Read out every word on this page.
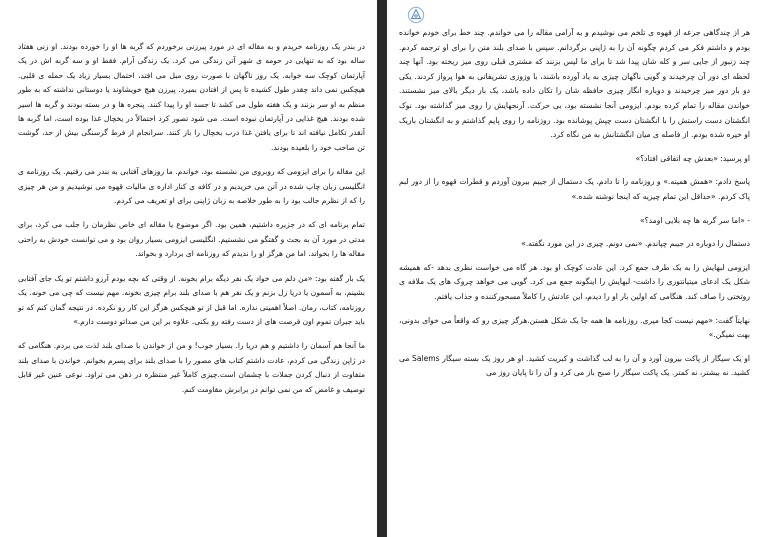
در بندر یک روزنامه خریدم و به مقاله ای در مورد پیرزنی برخوردم که گربه ها او را خورده بودند. او زنی هفتاد ساله بود که به تنهایی در حومه ی شهر آتن زندگی می کرد. یک زندگی آرام. فقط او و سه گربه اش در یک آپارتمان کوچک سه خوابه. یک روز ناگهان با صورت روی مبل می افتد، احتمال بسیار زیاد یک حمله ی قلبی. هیچکس نمی داند چقدر طول کشیده تا پس از افتادن بمیرد. پیرزن هیچ خویشاوند یا دوستانی نداشته که به طور منظم به او سر بزنند و یک هفته طول می کشد تا جسد او را پیدا کنند. پنجره ها و در بسته بودند و گربه ها اسیر شده بودند. هیچ غذایی در آپارتمان نبوده است. می شود تصور کرد احتمالاً در یخچال غذا بوده است، اما گربه ها آنقدر تکامل نیافته اند تا برای یافتن غذا درب یخچال را باز کنند. سرانجام از فرط گرسنگی بیش از حد، گوشت تن صاحب خود را بلعیده بودند.

این مقاله را برای ایزومی که روبروی من نشسته بود، خواندم. ما روزهای آفتابی به بندر می رفتیم. یک روزنامه ی انگلیسی زبان چاپ شده در آتن می خریدیم و در کافه ی کنار اداره ی مالیات قهوه می نوشیدیم و من هر چیزی را که از نظرم جالب بود را به طور خلاصه به زبان ژاپنی برای او تعریف می کردم.

تمام برنامه ای که در جزیره داشتیم، همین بود. اگر موضوع یا مقاله ای خاص نظرمان را جلب می کرد، برای مدتی در مورد آن به بحث و گفتگو می نشستیم. انگلیسی ایزومی بسیار روان بود و می توانست خودش به راحتی مقاله ها را بخواند. اما من هرگز او را ندیدم که روزنامه ای بردارد و بخواند.

یک بار گفته بود: «من دلم می خواد یک نفر دیگه برام بخونه. از وقتی که بچه بودم آرزو داشتم تو یک جای آفتابی بشینم، به آسمون یا دریا زل بزنم و یک نفر هم با صدای بلند برام چیزی بخونه. مهم نیست که چی می خونه. یک روزنامه، کتاب، رمان. اصلاً اهمیتی نداره. اما قبل از تو هیچکس هرگز این کار رو نکرده. در نتیجه گمان کنم که تو باید جبران تموم اون فرصت های از دست رفته رو بکنی. علاوه بر این من صداتو دوست دارم.»

ما آنجا هم آسمان را داشتیم و هم دریا را. بسیار خوب! و من از خواندن با صدای بلند لذت می بردم. هنگامی که در ژاپن زندگی می کردم، عادت داشتم کتاب های مصور را با صدای بلند برای پسرم بخوانم. خواندن با صدای بلند متفاوت از دنبال کردن جملات با چشمان است.چیزی کاملاً غیر منتظره در ذهن می تراود. نوعی عنین غیر قابل توصیف و غامض که من نمی توانم در برابرش مقاومت کنم.

هر از چندگاهی جرعه از قهوه ی تلخم می نوشیدم و به آرامی مقاله را می خواندم. چند خط برای خودم خوانده بودم و داشتم فکر می کردم چگونه آن را به ژاپنی برگردانم. سپس با صدای بلند متن را برای او ترجمه کردم. چند زنبور از جایی سر و کله شان پیدا شد تا برای ما لیس بزنند که مشتری قبلی روی میز ریخته بود. آنها چند لحظه ای دور آن چرخیدند و گویی ناگهان چیزی به یاد آورده باشند، با وزوزی تشریفاتی به هوا پرواز کردند. یکی دو بار دور میز چرخیدند و دوباره انگار چیزی حافظه شان را تکان داده باشد، یک بار دیگر بالای میز نشستند. خواندن مقاله را تمام کرده بودم. ایزومی آنجا نشسته بود، بی حرکت. آرنجهایش را روی میز گذاشته بود. نوک انگشتان دست راستش را با انگشتان دست چپش پوشانده بود. روزنامه را روی پایم گذاشتم و به انگشتان باریک او خیره شده بودم. از فاصله ی میان انگشتانش به من نگاه کرد.

او پرسید: «بعدش چه اتفاقی افتاد؟»

پاسخ دادم: «همش همینه.» و روزنامه را تا دادم. یک دستمال از جیبم بیرون آوردم و قطرات قهوه را از دور لبم پاک کردم. «حداقل این تمام چیزیه که اینجا نوشته شده.»

- «اما سر گربه ها چه بلایی اومد؟»

دستمال را دوباره در جیبم چپاندم. «نمی دونم. چیزی در این مورد نگفته.»

ایزومی لبهایش را به یک طرف جمع کرد. این عادت کوچک او بود. هر گاه می خواست نظری بدهد -که همیشه شکل یک ادعای میتیانتوری را داشت- لبهایش را اینگونه جمع می کرد. گویی می خواهد چروک های یک ملافه ی روتختی را صاف کند. هنگامی که اولین بار او را دیدم، این عادتش را کاملاً مسحورکننده و جذاب یافتم.

نهایتاً گفت: «مهم نیست کجا میری. روزنامه ها همه جا یک شکل هستن.هرگز چیزی رو که واقعاً می خوای بدونی، بهت نمیگن.»

او یک سیگار از پاکت بیرون آورد و آن را به لب گذاشت و کبریت کشید. او هر روز یک بسته سیگار Salems می کشید. نه بیشتر، نه کمتر. یک پاکت سیگار را صبح باز می کرد و آن را تا پایان روز می
